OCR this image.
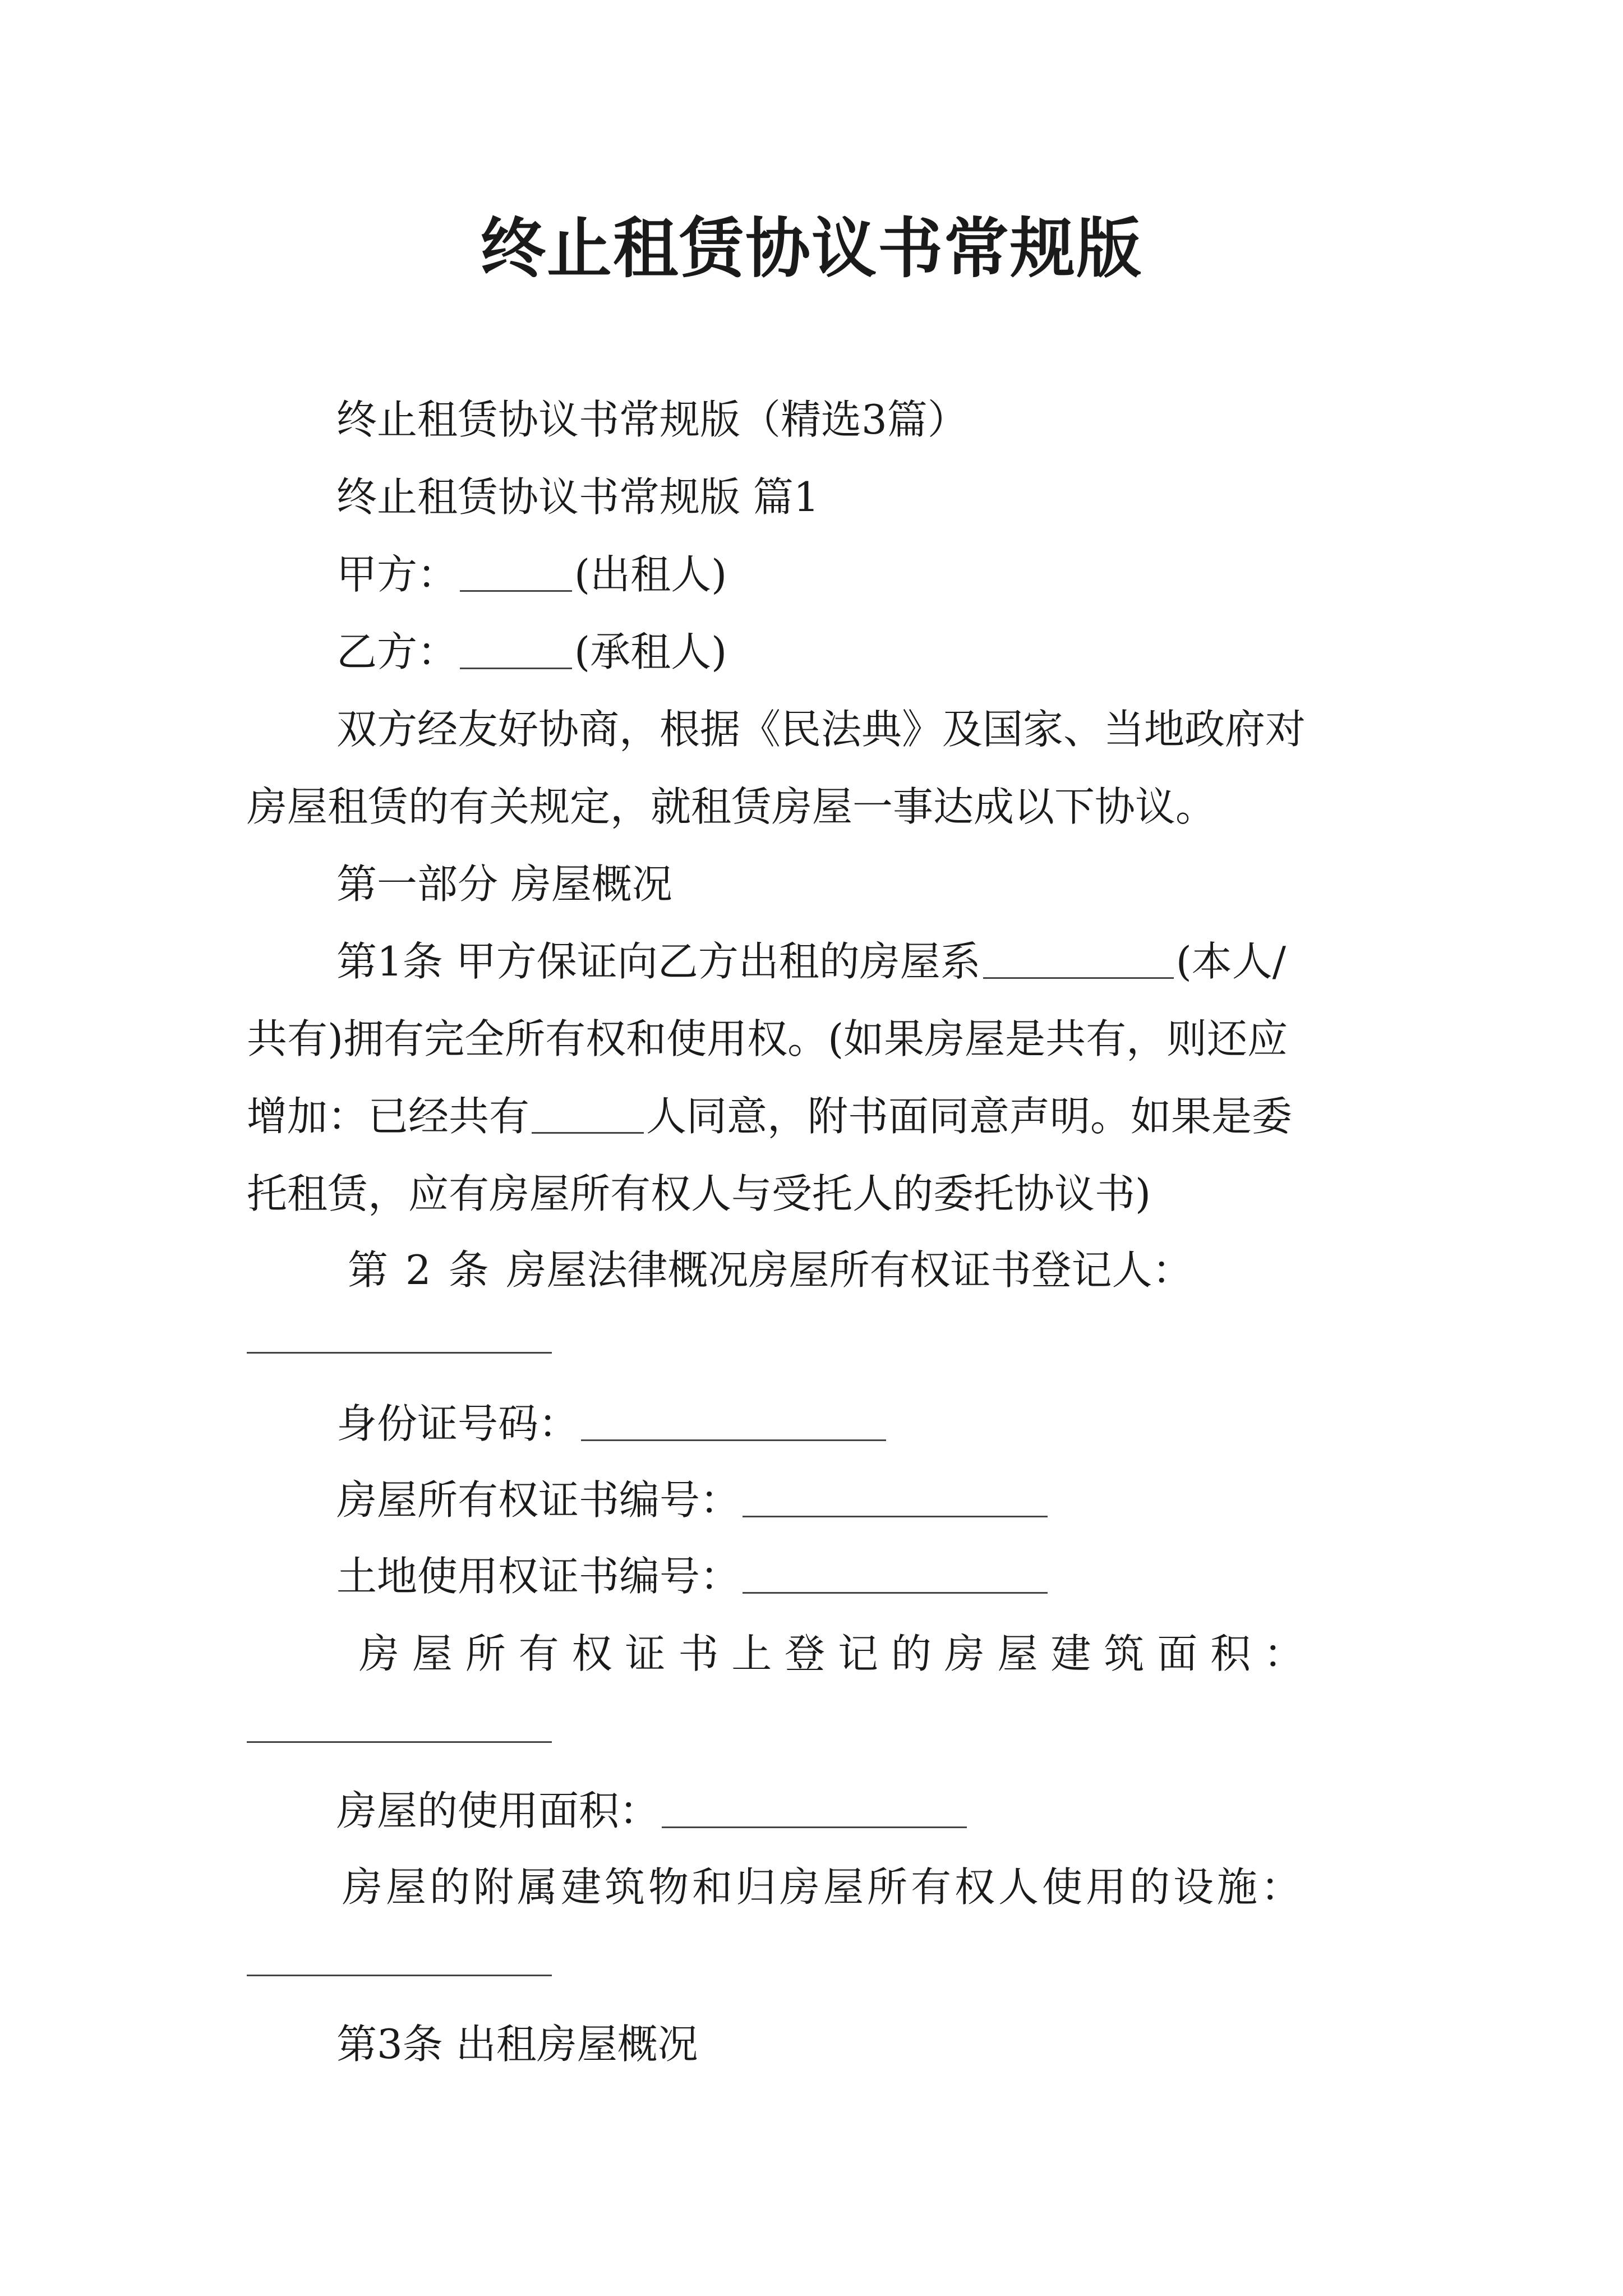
终止租赁协议书常规版
终止租赁协议书常规版（精选3篇）
终止租赁协议书常规版 篇1
甲方：	(出租人)
乙方：	(承租人)
双方经友好协商，根据《民法典》及国家、当地政府对
房屋租赁的有关规定，就租赁房屋一事达成以下协议。
第一部分 房屋概况
第1条 甲方保证向乙方出租的房屋系	(本人/
共有)拥有完全所有权和使用权。(如果房屋是共有，则还应
增加：已经共有	人同意，附书面同意声明。如果是委
托租赁，应有房屋所有权人与受托人的委托协议书)
第 2 条 房屋法律概况房屋所有权证书登记人：
身份证号码：
房屋所有权证书编号：
土地使用权证书编号：
房 屋 所 有 权 证 书 上 登 记 的 房 屋 建 筑 面 积 ：
房屋的使用面积：
房屋的附属建筑物和归房屋所有权人使用的设施：
第3条 出租房屋概况
